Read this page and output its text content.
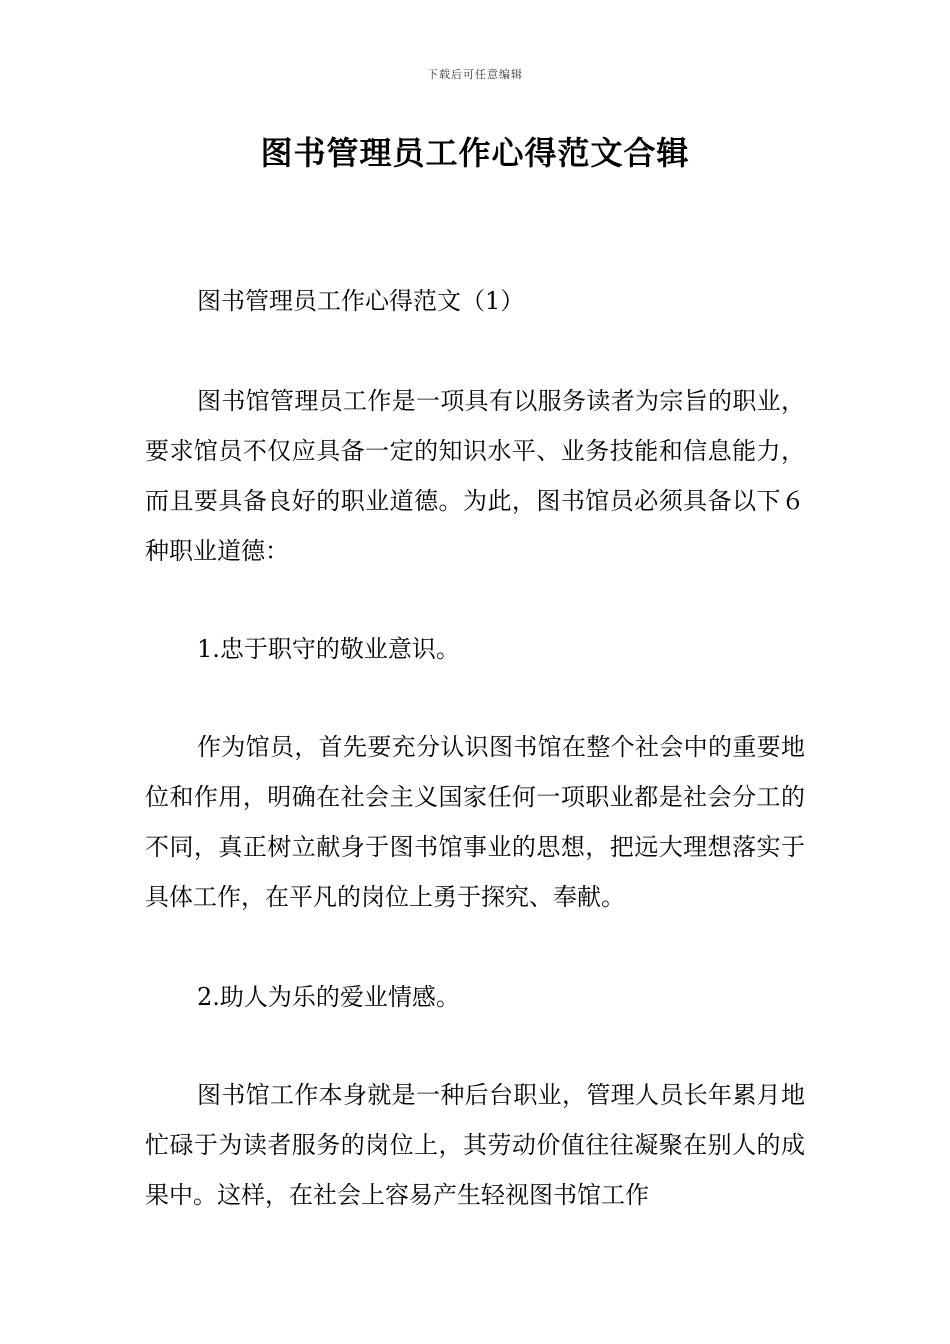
下载后可任意编辑
图书管理员工作心得范文合辑

图书管理员工作心得范文（1）

图书馆管理员工作是一项具有以服务读者为宗旨的职业，要求馆员不仅应具备一定的知识水平、业务技能和信息能力，而且要具备良好的职业道德。为此，图书馆员必须具备以下６种职业道德：

1.忠于职守的敬业意识。

作为馆员，首先要充分认识图书馆在整个社会中的重要地位和作用，明确在社会主义国家任何一项职业都是社会分工的不同，真正树立献身于图书馆事业的思想，把远大理想落实于具体工作，在平凡的岗位上勇于探究、奉献。

2.助人为乐的爱业情感。

图书馆工作本身就是一种后台职业，管理人员长年累月地忙碌于为读者服务的岗位上，其劳动价值往往凝聚在别人的成果中。这样，在社会上容易产生轻视图书馆工作
